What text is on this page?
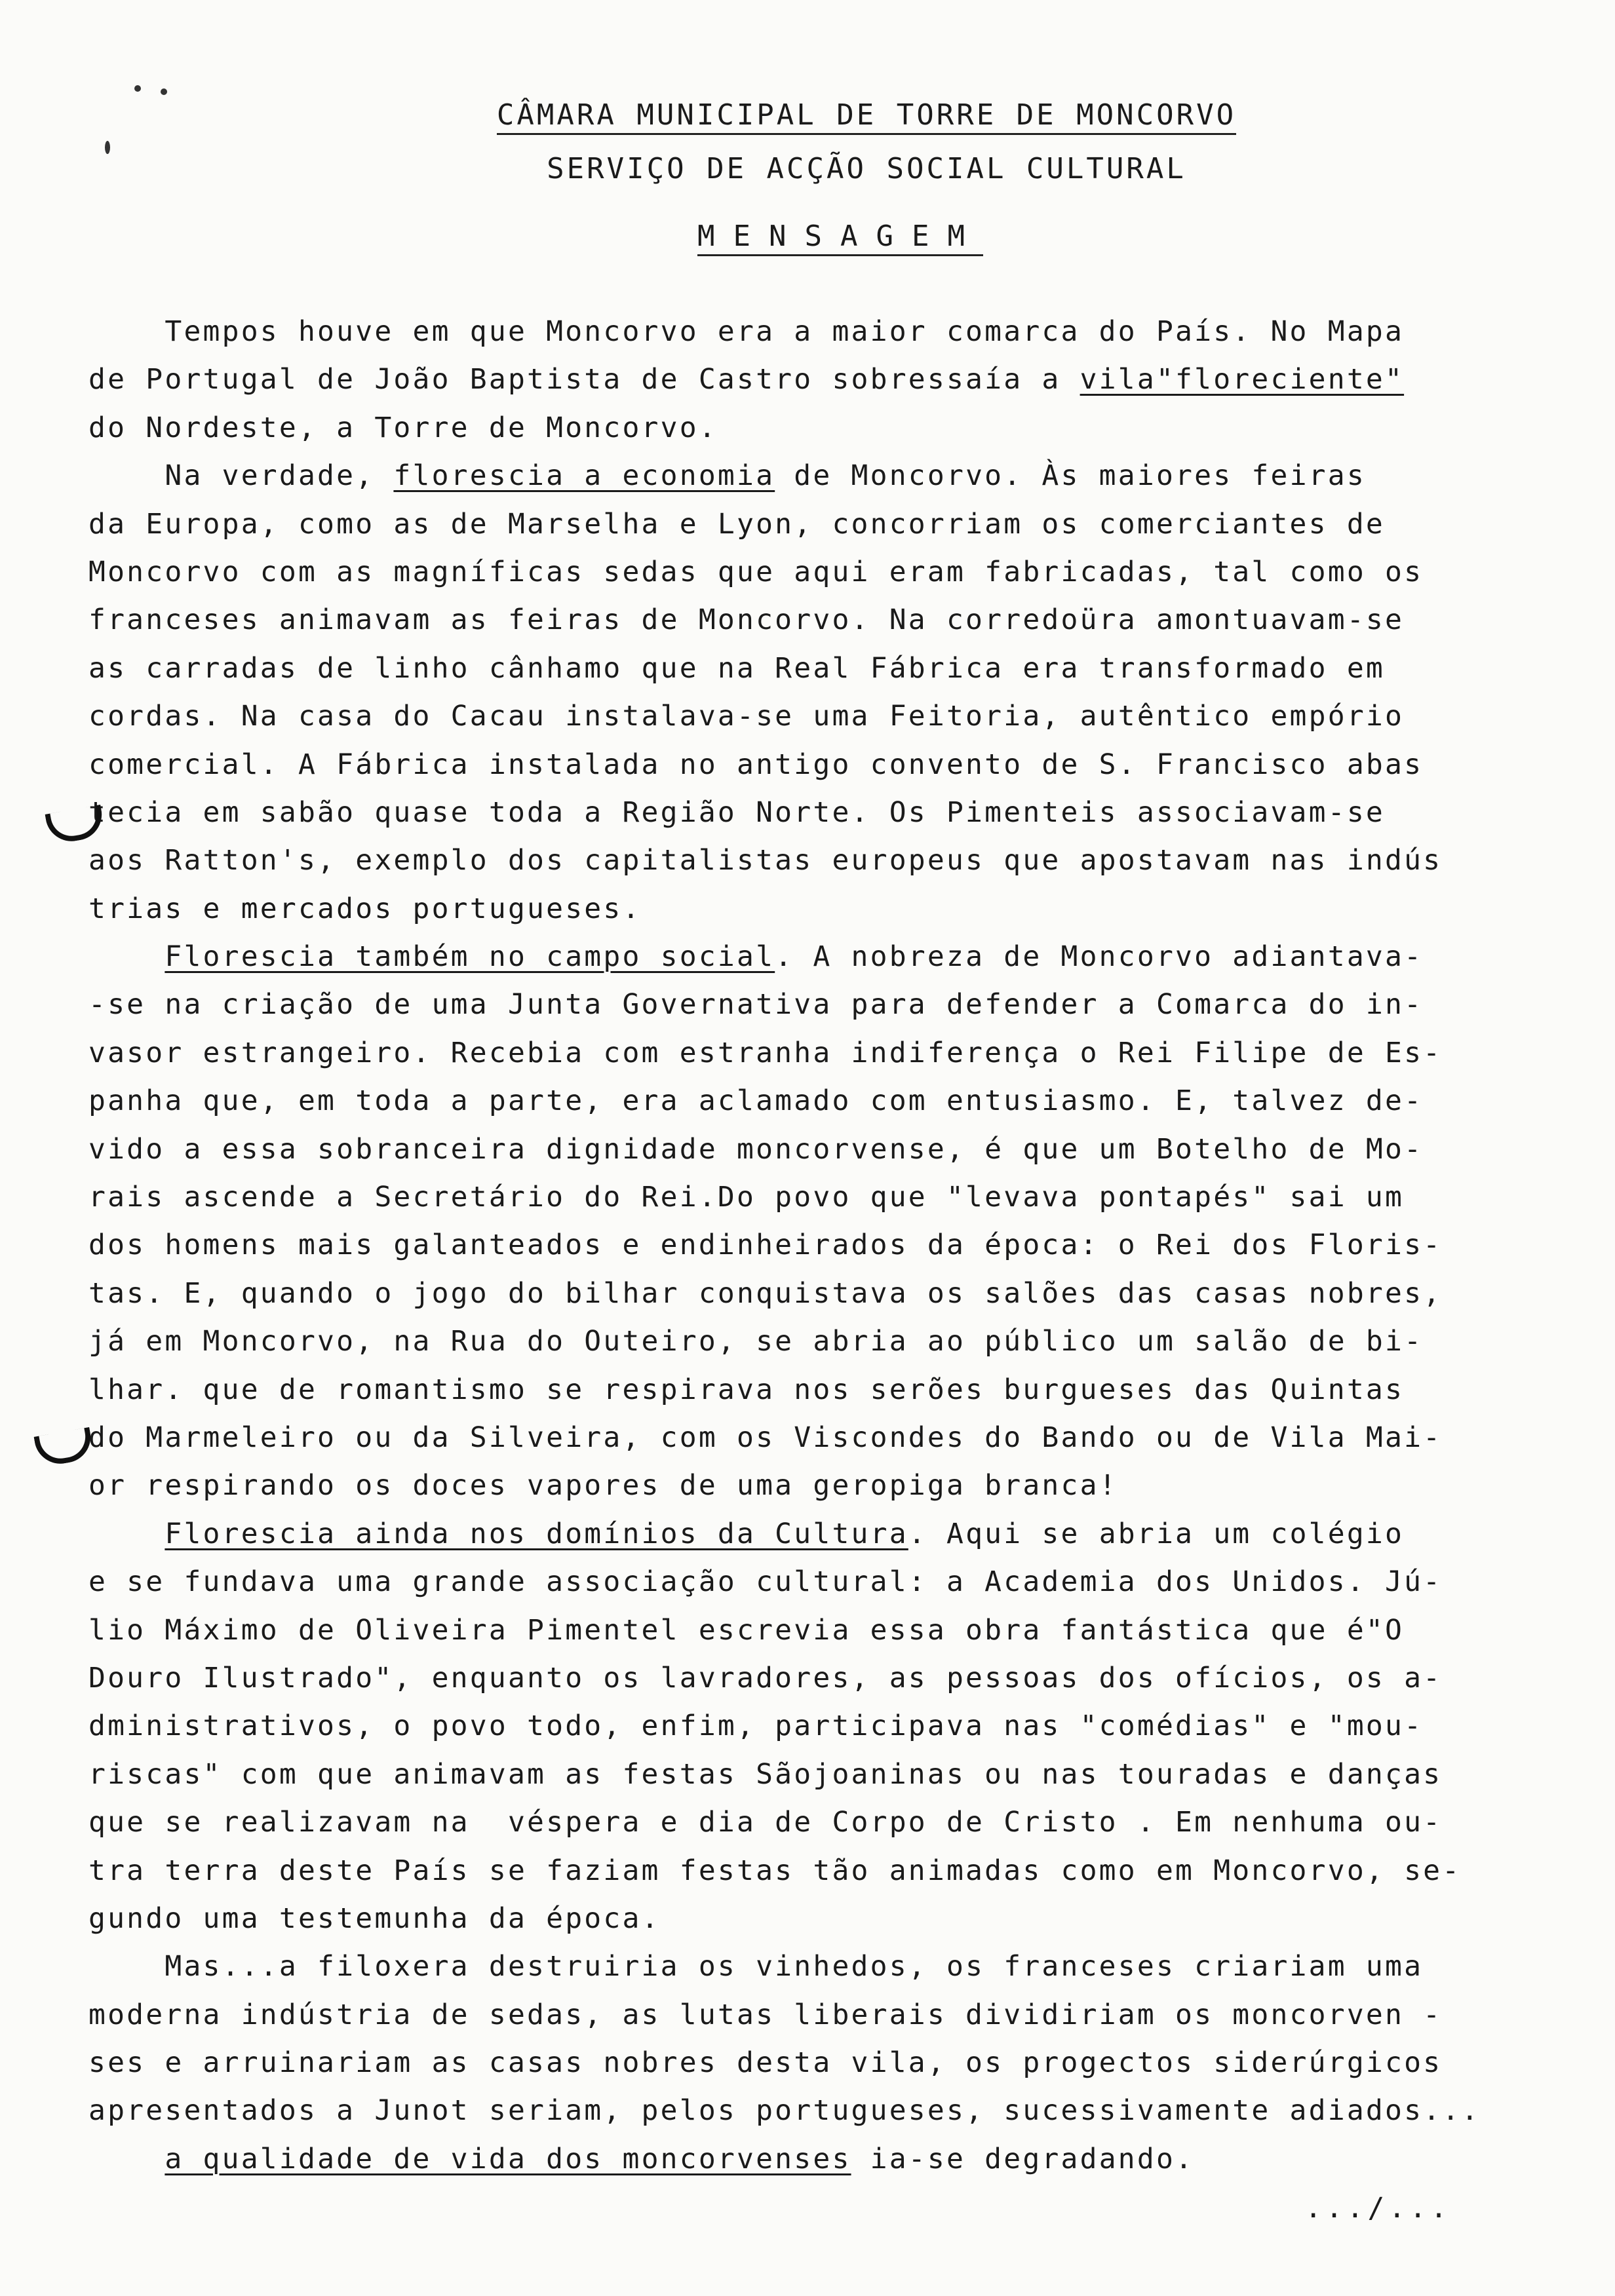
CÂMARA MUNICIPAL DE TORRE DE MONCORVO
SERVIÇO DE ACÇÃO SOCIAL CULTURAL
MENSAGEM
Tempos houve em que Moncorvo era a maior comarca do País. No Mapa
de Portugal de João Baptista de Castro sobressaía a vila"floreciente"
do Nordeste, a Torre de Moncorvo.
Na verdade, florescia a economia de Moncorvo. Às maiores feiras
da Europa, como as de Marselha e Lyon, concorriam os comerciantes de
Moncorvo com as magníficas sedas que aqui eram fabricadas, tal como os
franceses animavam as feiras de Moncorvo. Na corredoüra amontuavam-se
as carradas de linho cânhamo que na Real Fábrica era transformado em
cordas. Na casa do Cacau instalava-se uma Feitoria, autêntico empório
comercial. A Fábrica instalada no antigo convento de S. Francisco abas
tecia em sabão quase toda a Região Norte. Os Pimenteis associavam-se
aos Ratton's, exemplo dos capitalistas europeus que apostavam nas indús
trias e mercados portugueses.
Florescia também no campo social. A nobreza de Moncorvo adiantava-
-se na criação de uma Junta Governativa para defender a Comarca do in-
vasor estrangeiro. Recebia com estranha indiferença o Rei Filipe de Es-
panha que, em toda a parte, era aclamado com entusiasmo. E, talvez de-
vido a essa sobranceira dignidade moncorvense, é que um Botelho de Mo-
rais ascende a Secretário do Rei.Do povo que "levava pontapés" sai um
dos homens mais galanteados e endinheirados da época: o Rei dos Floris-
tas. E, quando o jogo do bilhar conquistava os salões das casas nobres,
já em Moncorvo, na Rua do Outeiro, se abria ao público um salão de bi-
lhar. que de romantismo se respirava nos serões burgueses das Quintas
do Marmeleiro ou da Silveira, com os Viscondes do Bando ou de Vila Mai-
or respirando os doces vapores de uma geropiga branca!
Florescia ainda nos domínios da Cultura. Aqui se abria um colégio
e se fundava uma grande associação cultural: a Academia dos Unidos. Jú-
lio Máximo de Oliveira Pimentel escrevia essa obra fantástica que é"O
Douro Ilustrado", enquanto os lavradores, as pessoas dos ofícios, os a-
dministrativos, o povo todo, enfim, participava nas "comédias" e "mou-
riscas" com que animavam as festas Sãojoaninas ou nas touradas e danças
que se realizavam na  véspera e dia de Corpo de Cristo . Em nenhuma ou-
tra terra deste País se faziam festas tão animadas como em Moncorvo, se-
gundo uma testemunha da época.
Mas...a filoxera destruiria os vinhedos, os franceses criariam uma
moderna indústria de sedas, as lutas liberais dividiriam os moncorven -
ses e arruinariam as casas nobres desta vila, os progectos siderúrgicos
apresentados a Junot seriam, pelos portugueses, sucessivamente adiados...
a qualidade de vida dos moncorvenses ia-se degradando.
.../...
